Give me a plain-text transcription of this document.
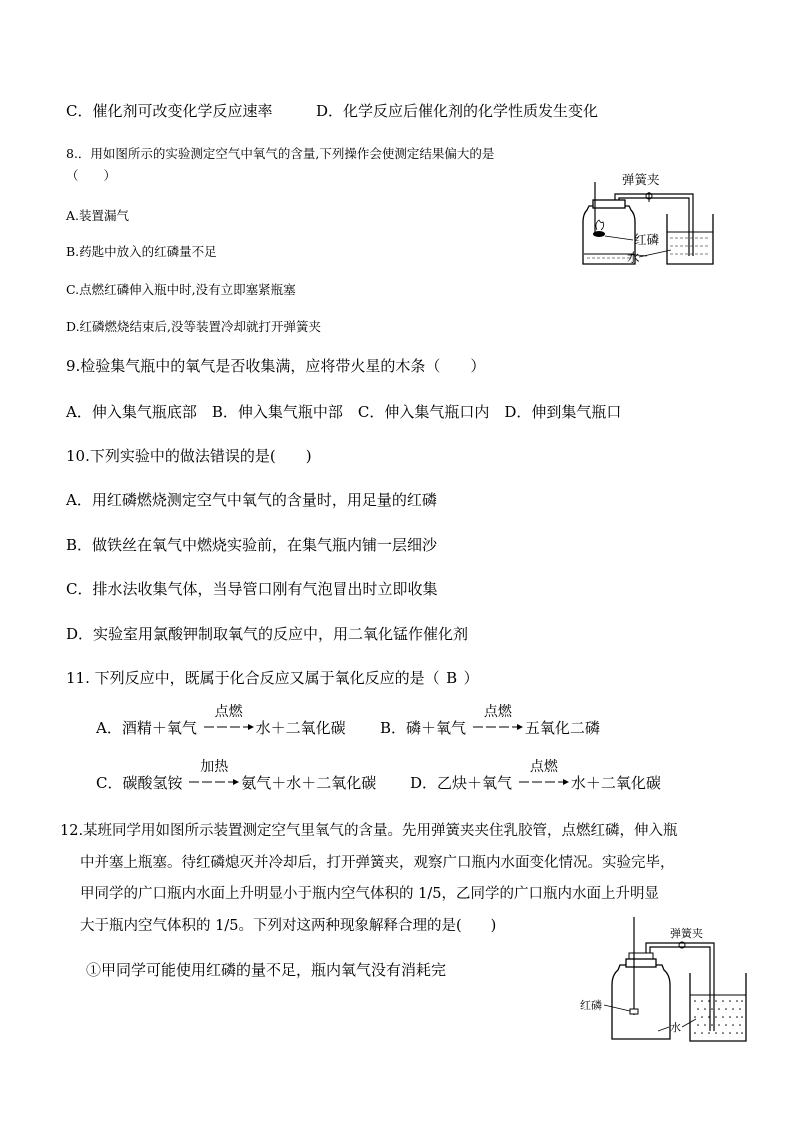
C．催化剂可改变化学反应速率	D．化学反应后催化剂的化学性质发生变化
8.．用如图所示的实验测定空气中氧气的含量,下列操作会使测定结果偏大的是
（　　）
A.装置漏气
B.药匙中放入的红磷量不足
C.点燃红磷伸入瓶中时,没有立即塞紧瓶塞
D.红磷燃烧结束后,没等装置冷却就打开弹簧夹
弹簧夹
红磷
水
9.检验集气瓶中的氧气是否收集满，应将带火星的木条（　　）
A．伸入集气瓶底部　B．伸入集气瓶中部　C．伸入集气瓶口内　D．伸到集气瓶口
10.下列实验中的做法错误的是(　　)
A．用红磷燃烧测定空气中氧气的含量时，用足量的红磷
B．做铁丝在氧气中燃烧实验前，在集气瓶内铺一层细沙
C．排水法收集气体，当导管口刚有气泡冒出时立即收集
D．实验室用氯酸钾制取氧气的反应中，用二氧化锰作催化剂
11. 下列反应中，既属于化合反应又属于氧化反应的是（ B ）
A．酒精＋氧气
点燃
水＋二氧化碳 B．磷＋氧气
点燃
五氧化二磷
C．碳酸氢铵
加热
氨气＋水＋二氧化碳 D．乙炔＋氧气
点燃
水＋二氧化碳
12.某班同学用如图所示装置测定空气里氧气的含量。先用弹簧夹夹住乳胶管，点燃红磷，伸入瓶
中并塞上瓶塞。待红磷熄灭并冷却后，打开弹簧夹，观察广口瓶内水面变化情况。实验完毕，
甲同学的广口瓶内水面上升明显小于瓶内空气体积的 1/5，乙同学的广口瓶内水面上升明显
大于瓶内空气体积的 1/5。下列对这两种现象解释合理的是(　　)
①甲同学可能使用红磷的量不足，瓶内氧气没有消耗完
弹簧夹
红磷
水
